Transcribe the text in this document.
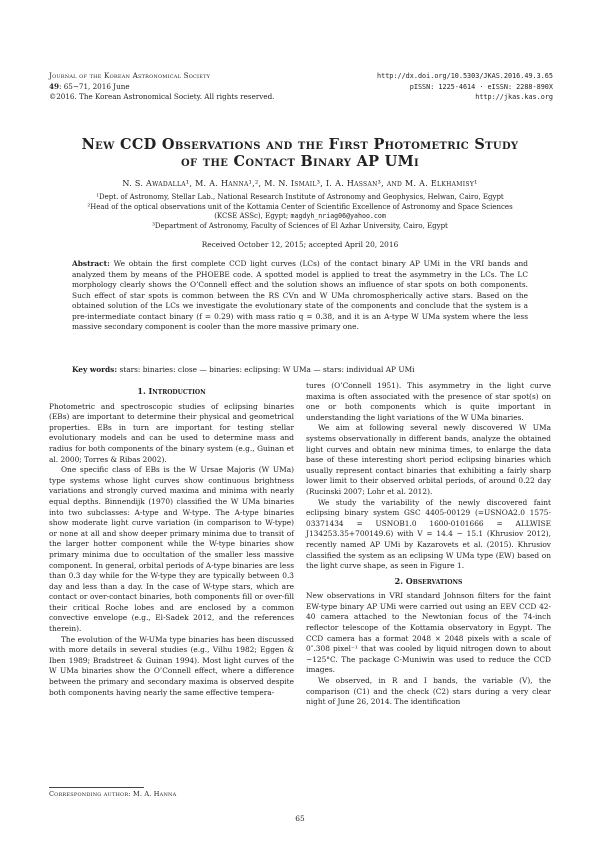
Journal of the Korean Astronomical Society
49: 65∼71, 2016 June
©2016. The Korean Astronomical Society. All rights reserved.
http://dx.doi.org/10.5303/JKAS.2016.49.3.65
pISSN: 1225-4614 · eISSN: 2288-890X
http://jkas.kas.org
New CCD Observations and the First Photometric Study
of the Contact Binary AP UMi
N. S. Awadalla¹, M. A. Hanna¹,², M. N. Ismail³, I. A. Hassan³, and M. A. Elkhamisy¹
¹Dept. of Astronomy, Stellar Lab., National Research Institute of Astronomy and Geophysics, Helwan, Cairo, Egypt
²Head of the optical observations unit of the Kottamia Center of Scientific Excellence of Astronomy and Space Sciences
(KCSE ASSc), Egypt; magdyh_nriag06@yahoo.com
³Department of Astronomy, Faculty of Sciences of El Azhar University, Cairo, Egypt
Received October 12, 2015; accepted April 20, 2016
Abstract: We obtain the first complete CCD light curves (LCs) of the contact binary AP UMi in the VRI bands and analyzed them by means of the PHOEBE code. A spotted model is applied to treat the asymmetry in the LCs. The LC morphology clearly shows the O’Connell effect and the solution shows an influence of star spots on both components. Such effect of star spots is common between the RS CVn and W UMa chromospherically active stars. Based on the obtained solution of the LCs we investigate the evolutionary state of the components and conclude that the system is a pre-intermediate contact binary (f = 0.29) with mass ratio q = 0.38, and it is an A-type W UMa system where the less massive secondary component is cooler than the more massive primary one.
Key words: stars: binaries: close — binaries: eclipsing: W UMa — stars: individual AP UMi
1. Introduction

Photometric and spectroscopic studies of eclipsing binaries (EBs) are important to determine their physical and geometrical properties. EBs in turn are important for testing stellar evolutionary models and can be used to determine mass and radius for both components of the binary system (e.g., Guinan et al. 2000; Torres & Ribas 2002).

One specific class of EBs is the W Ursae Majoris (W UMa) type systems whose light curves show continuous brightness variations and strongly curved maxima and minima with nearly equal depths. Binnendijk (1970) classified the W UMa binaries into two subclasses: A-type and W-type. The A-type binaries show moderate light curve variation (in comparison to W-type) or none at all and show deeper primary minima due to transit of the larger hotter component while the W-type binaries show primary minima due to occultation of the smaller less massive component. In general, orbital periods of A-type binaries are less than 0.3 day while for the W-type they are typically between 0.3 day and less than a day. In the case of W-type stars, which are contact or over-contact binaries, both components fill or over-fill their critical Roche lobes and are enclosed by a common convective envelope (e.g., El-Sadek 2012, and the references therein).

The evolution of the W-UMa type binaries has been discussed with more details in several studies (e.g., Vilhu 1982; Eggen & Iben 1989; Bradstreet & Guinan 1994). Most light curves of the W UMa binaries show the O’Connell effect, where a difference between the primary and secondary maxima is observed despite both components having nearly the same effective tempera-

tures (O’Connell 1951). This asymmetry in the light curve maxima is often associated with the presence of star spot(s) on one or both components which is quite important in understanding the light variations of the W UMa binaries.

We aim at following several newly discovered W UMa systems observationally in different bands, analyze the obtained light curves and obtain new minima times, to enlarge the data base of these interesting short period eclipsing binaries which usually represent contact binaries that exhibiting a fairly sharp lower limit to their observed orbital periods, of around 0.22 day (Rucinski 2007; Lohr et al. 2012).

We study the variability of the newly discovered faint eclipsing binary system GSC 4405-00129 (=USNOA2.0 1575-03371434 = USNOB1.0 1600-0101666 = ALLWISE J134253.35+700149.6) with V = 14.4 − 15.1 (Khrusiov 2012), recently named AP UMi by Kazarovets et al. (2015). Khrusiov classified the system as an eclipsing W UMa type (EW) based on the light curve shape, as seen in Figure 1.

2. Observations

New observations in VRI standard Johnson filters for the faint EW-type binary AP UMi were carried out using an EEV CCD 42-40 camera attached to the Newtonian focus of the 74-inch reflector telescope of the Kottamia observatory in Egypt. The CCD camera has a format 2048 × 2048 pixels with a scale of 0″.308 pixel⁻¹ that was cooled by liquid nitrogen down to about −125°C. The package C-Muniwin was used to reduce the CCD images.

We observed, in R and I bands, the variable (V), the comparison (C1) and the check (C2) stars during a very clear night of June 26, 2014. The identification

Corresponding author: M. A. Hanna
65
